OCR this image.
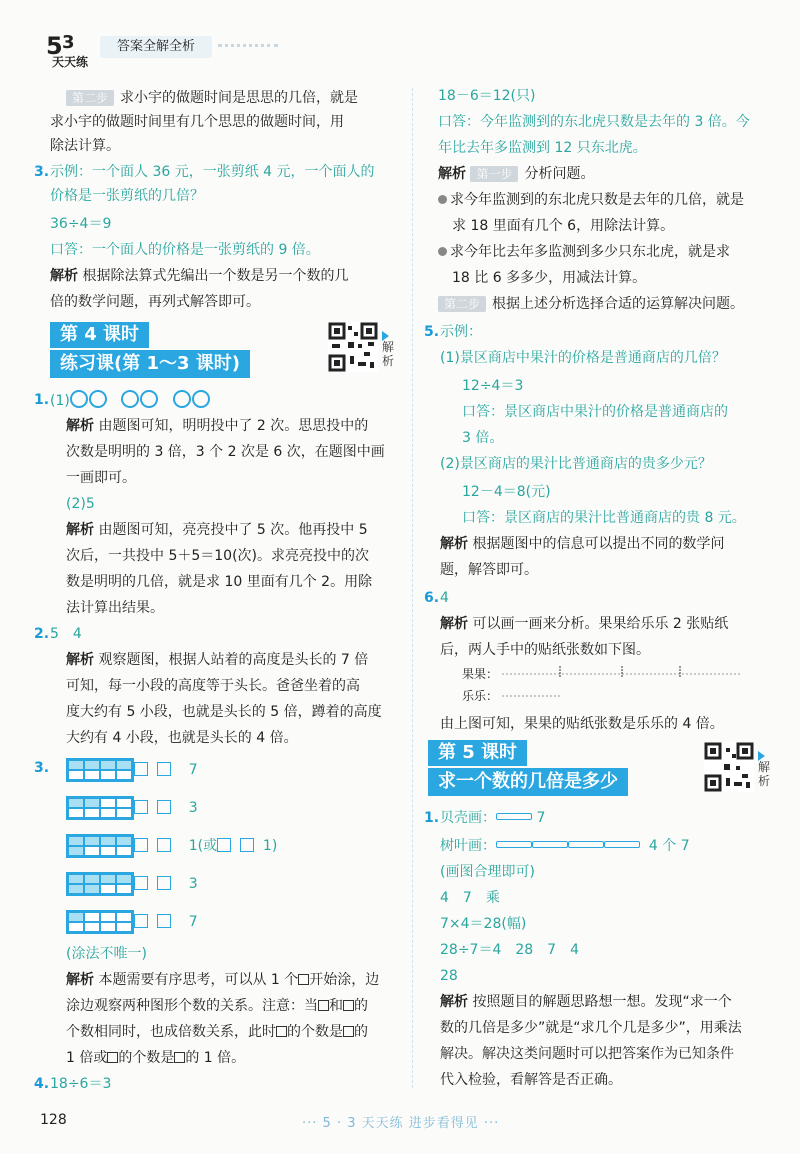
5 3
天天练
答案全解全析
第二步 求小宇的做题时间是思思的几倍，就是
求小宇的做题时间里有几个思思的做题时间，用
除法计算。
3. 示例：一个面人 36 元，一张剪纸 4 元，一个面人的
价格是一张剪纸的几倍？
36÷4＝9
口答：一个面人的价格是一张剪纸的 9 倍。
解析 根据除法算式先编出一个数是另一个数的几
倍的数学问题，再列式解答即可。
第 4 课时
练习课(第 1～3 课时)
解析
1. (1)
解析 由题图可知，明明投中了 2 次。思思投中的
次数是明明的 3 倍，3 个 2 次是 6 次，在题图中画
一画即可。
(2)5
解析 由题图可知，亮亮投中了 5 次。他再投中 5
次后，一共投中 5＋5＝10(次)。求亮亮投中的次
数是明明的几倍，就是求 10 里面有几个 2。用除
法计算出结果。
2. 5　4
解析 观察题图，根据人站着的高度是头长的 7 倍
可知，每一小段的高度等于头长。爸爸坐着的高
度大约有 5 小段，也就是头长的 5 倍，蹲着的高度
大约有 4 小段，也就是头长的 4 倍。
3.	7
3
1(或	1)
3
7
(涂法不唯一)
解析 本题需要有序思考，可以从 1 个 开始涂，边
涂边观察两种图形个数的关系。注意：当 和 的
个数相同时，也成倍数关系，此时 的个数是 的
1 倍或 的个数是 的 1 倍。
4. 18÷6＝3
18－6＝12(只)
口答：今年监测到的东北虎只数是去年的 3 倍。今
年比去年多监测到 12 只东北虎。
解析 第一步 分析问题。
求今年监测到的东北虎只数是去年的几倍，就是
求 18 里面有几个 6，用除法计算。
求今年比去年多监测到多少只东北虎，就是求
18 比 6 多多少，用减法计算。
第二步 根据上述分析选择合适的运算解决问题。
5. 示例：
(1)景区商店中果汁的价格是普通商店的几倍？
12÷4＝3
口答：景区商店中果汁的价格是普通商店的
3 倍。
(2)景区商店的果汁比普通商店的贵多少元？
12－4＝8(元)
口答：景区商店的果汁比普通商店的贵 8 元。
解析 根据题图中的信息可以提出不同的数学问
题，解答即可。
6. 4
解析 可以画一画来分析。果果给乐乐 2 张贴纸
后，两人手中的贴纸张数如下图。
果果：
乐乐：
由上图可知，果果的贴纸张数是乐乐的 4 倍。
第 5 课时
求一个数的几倍是多少
解析
1. 贝壳画：	7
树叶画：	4 个 7
(画图合理即可)
4　7　乘
7×4＝28(幅)
28÷7＝4　28　7　4
28
解析 按照题目的解题思路想一想。发现“求一个
数的几倍是多少”就是“求几个几是多少”，用乘法
解决。解决这类问题时可以把答案作为已知条件
代入检验，看解答是否正确。
128	··· 5 · 3 天天练 进步看得见 ···
